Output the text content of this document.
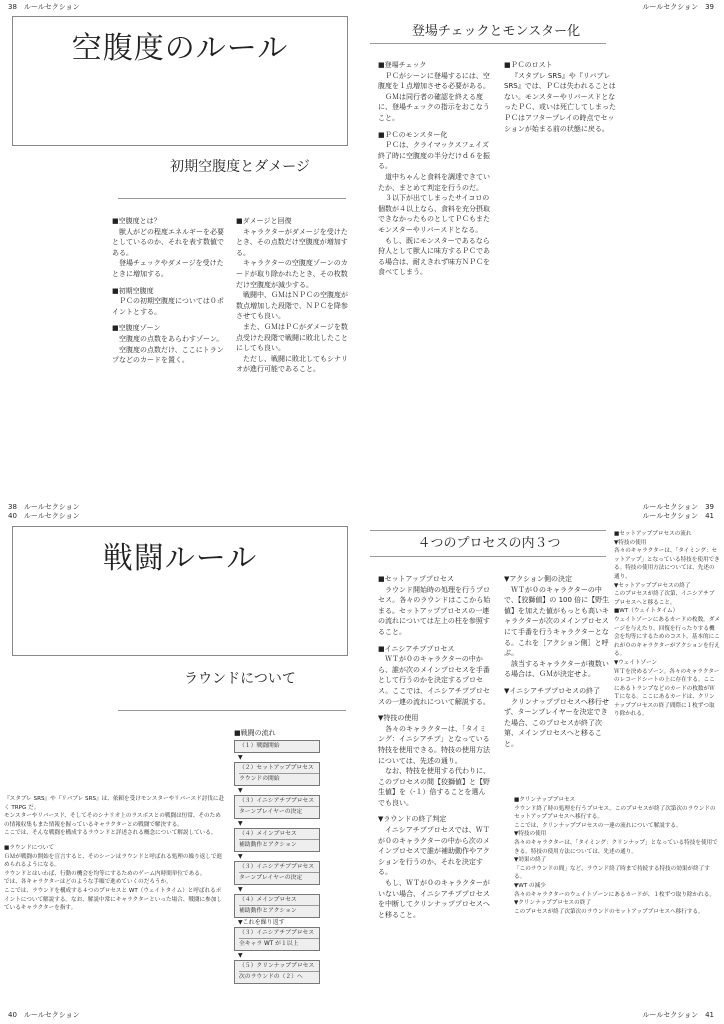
38　ルールセクション	ルールセクション　39
空腹度のルール
初期空腹度とダメージ

■空腹度とは？

獣人がどの程度エネルギーを必要としているのか、それを表す数値である。

登場チェックやダメージを受けたときに増加する。

■初期空腹度

ＰＣの初期空腹度については０ポイントとする。

■空腹度ゾーン

空腹度の点数をあらわすゾーン。

空腹度の点数だけ、ここにトランプなどのカードを置く。

■ダメージと回復

キャラクターがダメージを受けたとき、その点数だけ空腹度が増加する。

キャラクターの空腹度ゾーンのカードが取り除かれたとき、その枚数だけ空腹度が減少する。

戦闘中、ＧＭはＮＰＣの空腹度が数点増加した段階で、ＮＰＣを降参させても良い。

また、ＧＭはＰＣがダメージを数点受けた段階で戦闘に敗北したことにしても良い。

ただし、戦闘に敗北してもシナリオが進行可能であること。

登場チェックとモンスター化

■登場チェック

ＰＣがシーンに登場するには、空腹度を１点増加させる必要がある。

ＧＭは同行者の確認を終える度に、登場チェックの指示をおこなうこと。

■ＰＣのモンスター化

ＰＣは、クライマックスフェイズ終了時に空腹度の半分だけｄ６を振る。

道中ちゃんと食料を調達できていたか、まとめて判定を行うのだ。

３以下が出てしまったサイコロの個数が４以上なら、食料を充分摂取できなかったものとしてＰＣもまたモンスターやリバースドとなる。

もし、既にモンスターであるなら狩人として獣人に味方するＰＣである場合は、耐えきれず味方ＮＰＣを食べてしまう。

■ＰＣのロスト

『スタブレ SRS』や『リバブレ SRS』では、ＰＣは失われることはない。モンスターやリバースドとなったＰＣ、或いは死亡してしまったＰＣはアフタープレイの時点でセッションが始まる前の状態に戻る。

38　ルールセクション
40　ルールセクション
ルールセクション　39
ルールセクション　41
戦闘ルール
ラウンドについて

『スタブレ SRS』や『リバブレ SRS』は、依頼を受けモンスターやリバースド討伐に赴く TRPG だ。

モンスターやリバースド、そしてそのシナリオ上のラスボスとの戦闘は恒常、そのための情報収集もまた情報を握っているキャラクターとの戦闘で解決する。

ここでは、そんな戦闘を構成するラウンドと詳述される概念について解説している。

■ラウンドについて

ＧＭが戦闘の開始を宣言すると、そのシーンはラウンドと呼ばれる処理の繰り返しで進められるようになる。

ラウンドとはいわば、行動の機会を均等にするためのゲーム内時間単位である。

では、各キャラクターはどのような手順で進めていくのだろうか。

ここでは、ラウンドを構成する４つのプロセスと WT（ウェイトタイム）と呼ばれるポイントについて解説する。なお、解説中常にキャラクターといった場合、戦闘に参加しているキャラクターを指す。

■戦闘の流れ

（１）戦闘開始
▼
（２）セットアッププロセス
ラウンドの開始
▼
（３）イニシアチブプロセス
ターンプレイヤーの決定
▼
（４）メインプロセス
補助動作とアクション
▼
（３）イニシアチブプロセス
ターンプレイヤーの決定
▼
（４）メインプロセス
補助動作とアクション
▼これを繰り返す
（３）イニシアチブプロセス
全キャラ WT が１以上
▼
（５）クリンナッププロセス
次のラウンドの（２）へ
４つのプロセスの内３つ

■セットアッププロセス

ラウンド開始時の処理を行うプロセス。各々のラウンドはここから始まる。セットアッププロセスの一連の流れについては左上の柱を参照すること。

■イニシアチブプロセス

ＷＴが０のキャラクターの中から、誰が次のメインプロセスを手番として行うのかを決定するプロセス。ここでは、イニシアチブプロセスの一連の流れについて解説する。

▼特技の使用

各々のキャラクターは、「タイミング：イニシアチブ」となっている特技を使用できる。特技の使用方法については、先述の通り。

なお、特技を使用する代わりに、このプロセスの間【狡獅値】と【野生値】を（-１）倍することを選んでも良い。

▼ラウンドの終了判定

イニシアチブプロセスでは、ＷＴが０のキャラクターの中から次のメインプロセスで誰が補助動作やアクションを行うのか、それを決定する。

もし、ＷＴが０のキャラクターがいない場合、イニシアチブプロセスを中断してクリンナッププロセスへと移ること。

▼アクション側の決定

ＷＴが０のキャラクターの中で、【狡獅値】の 100 倍に【野生値】を加えた値がもっとも高いキャラクターが次のメインプロセスにて手番を行うキャラクターとなる。これを［アクション側］と呼ぶ。

該当するキャラクターが複数いる場合は、ＧＭが決定せよ。

▼イニシアチブプロセスの終了

クリンナッププロセスへ移行せず、ターンプレイヤーを決定できた場合、このプロセスが終了次第、メインプロセスへと移ること。

■セットアッププロセスの流れ

▼特技の使用

各々のキャラクターは、「タイミング：セットアップ」となっている特技を使用できる。特技の使用方法については、先述の通り。

▼セットアッププロセスの終了

このプロセスが終了次第、イニシアチブプロセスへと移ること。

■WT（ウェイトタイム）

ウェイトゾーンにあるカードの枚数。ダメージを与えたり、回復を行ったりする機会を均等にするためのコスト。基本的にこれが０のキャラクターがアクションを行える。

▼ウェイトゾーン

ＷＴを決めるゾーン。各々のキャラクターのレコードシートの上に存在する。ここにあるトランプなどのカードの枚数がＷＴになる。ここにあるカードは、クリンナッププロセスの終了間際に１枚ずつ取り除かれる。

■クリンナッププロセス

ラウンド終了時の処理を行うプロセス。このプロセスが終了次第次のラウンドのセットアッププロセスへ移行する。

ここでは、クリンナッププロセスの一連の流れについて解説する。

▼特技の使用

各々のキャラクターは、「タイミング：クリンナップ」となっている特技を使用できる。特技の使用方法については、先述の通り。

▼効果の終了

「このラウンドの間」など、ラウンド終了時まで持続する特技の効果が終了する。

▼WT の減少

各々のキャラクターのウェイトゾーンにあるカードが、１枚ずつ取り除かれる。

▼クリンナッププロセスの終了

このプロセスが終了次第次のラウンドのセットアッププロセスへ移行する。

40　ルールセクション	ルールセクション　41
